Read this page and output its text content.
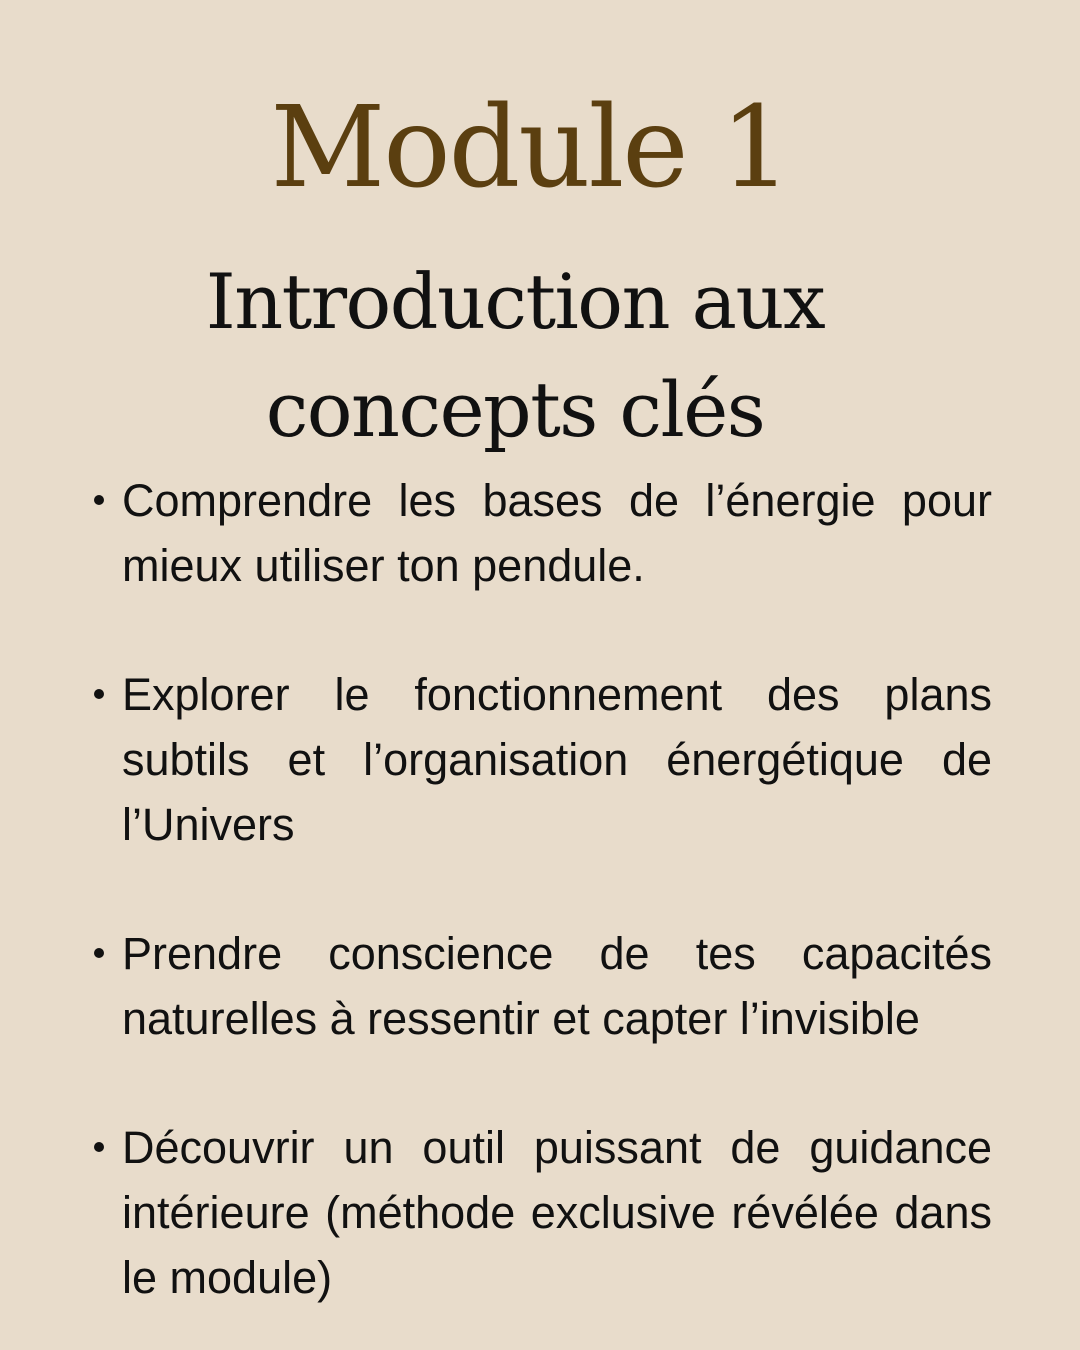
Module 1
Introduction aux concepts clés
Comprendre les bases de l’énergie pour mieux utiliser ton pendule.
Explorer le fonctionnement des plans subtils et l’organisation énergétique de l’Univers
Prendre conscience de tes capacités naturelles à ressentir et capter l’invisible
Découvrir un outil puissant de guidance intérieure (méthode exclusive révélée dans le module)
